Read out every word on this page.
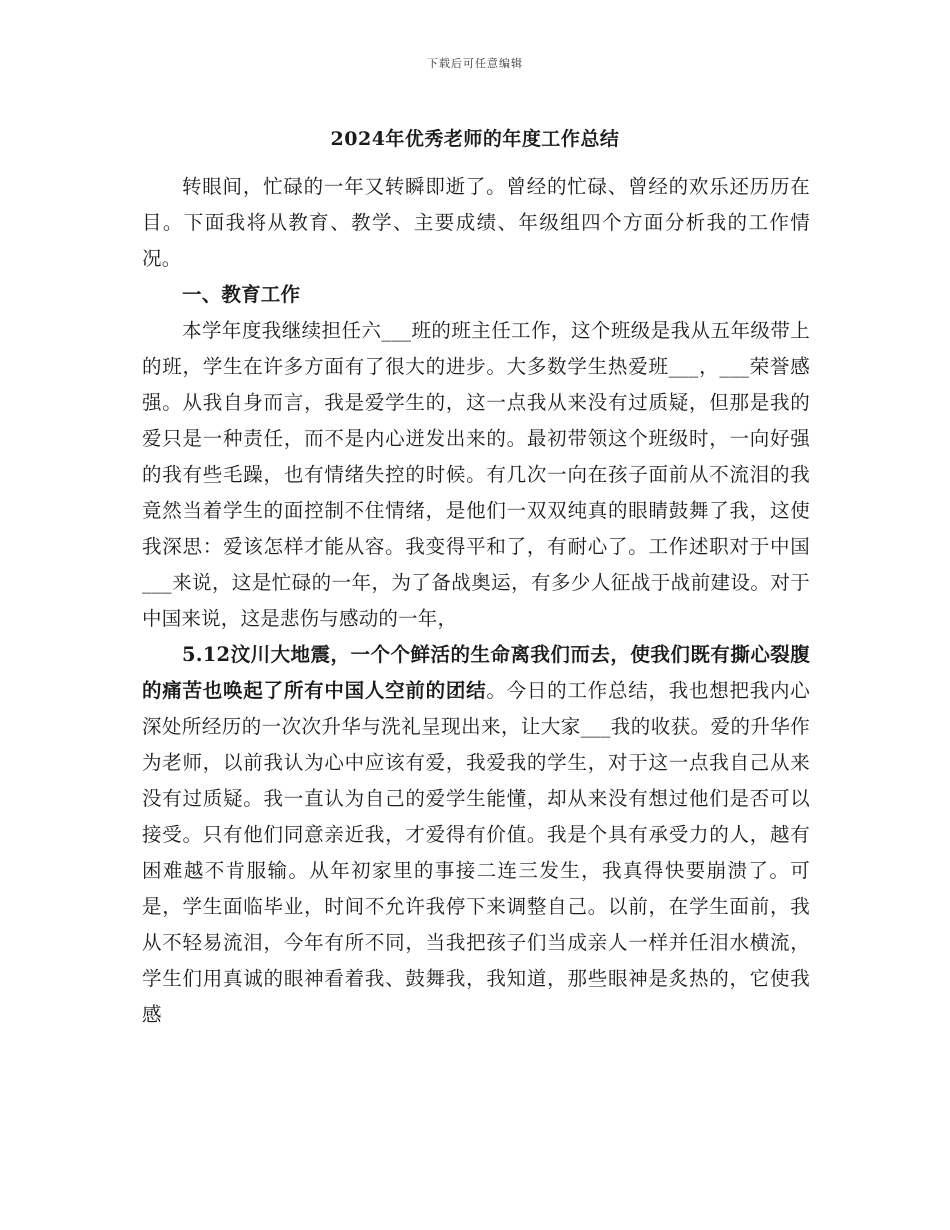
下载后可任意编辑
2024年优秀老师的年度工作总结

转眼间，忙碌的一年又转瞬即逝了。曾经的忙碌、曾经的欢乐还历历在目。下面我将从教育、教学、主要成绩、年级组四个方面分析我的工作情况。

一、教育工作

本学年度我继续担任六___班的班主任工作，这个班级是我从五年级带上的班，学生在许多方面有了很大的进步。大多数学生热爱班___，___荣誉感强。从我自身而言，我是爱学生的，这一点我从来没有过质疑，但那是我的爱只是一种责任，而不是内心迸发出来的。最初带领这个班级时，一向好强的我有些毛躁，也有情绪失控的时候。有几次一向在孩子面前从不流泪的我竟然当着学生的面控制不住情绪，是他们一双双纯真的眼睛鼓舞了我，这使我深思：爱该怎样才能从容。我变得平和了，有耐心了。工作述职对于中国___来说，这是忙碌的一年，为了备战奥运，有多少人征战于战前建设。对于中国来说，这是悲伤与感动的一年，

5.12汶川大地震，一个个鲜活的生命离我们而去，使我们既有撕心裂腹的痛苦也唤起了所有中国人空前的团结。今日的工作总结，我也想把我内心深处所经历的一次次升华与洗礼呈现出来，让大家___我的收获。爱的升华作为老师，以前我认为心中应该有爱，我爱我的学生，对于这一点我自己从来没有过质疑。我一直认为自己的爱学生能懂，却从来没有想过他们是否可以接受。只有他们同意亲近我，才爱得有价值。我是个具有承受力的人，越有困难越不肯服输。从年初家里的事接二连三发生，我真得快要崩溃了。可是，学生面临毕业，时间不允许我停下来调整自己。以前，在学生面前，我从不轻易流泪，今年有所不同，当我把孩子们当成亲人一样并任泪水横流，学生们用真诚的眼神看着我、鼓舞我，我知道，那些眼神是炙热的，它使我感
